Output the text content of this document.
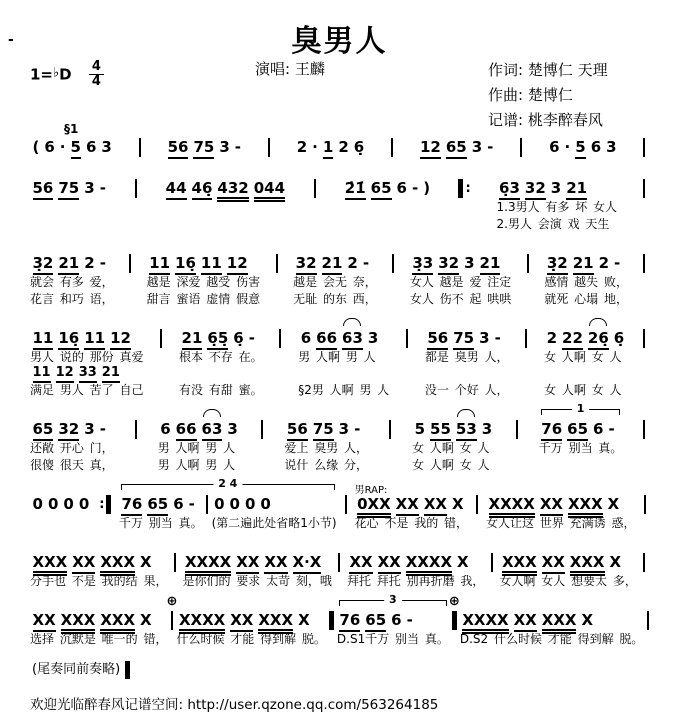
-	臭男人
1=♭D $\frac{4}{4}$	演唱: 王麟	作词: 楚博仁 天理
作曲: 楚博仁
记谱: 桃李醉春风
§1
( 6 · 5 6 3	56 75 3 -	2 · 1 2 6̣	12 65 3 -	6 · 5 6 3
56 75 3 -	44 46̣ 432 044	2̇1̇ 65 6 - )	: 6̣3 32 3 21
1.3男人 有多 坏 女人
2.男人 会演 戏 天生
3̣2 21 2 -
就会 有多 爱，
花言 和巧 语，
11 16̣ 11 12
越是 深爱 越受 伤害
甜言 蜜语 虚情 假意
32 21 2 -
越是 会无 奈，
无耻 的东 西，
3̣3 32 3 21
女人 越是 爱 注定
女人 伤不 起 哄哄
3̣2 21 2 -
感情 越失 败，
就死 心塌 地，
11 16̣ 11 12
男人 说的 那份 真爱
11 12 33 21
满足 男人 苦了 自己
21 6̣5̣ 6̣ -
根本 不存 在。
有没 有甜 蜜。
6 66 63 3
男 人啊 男 人
§2男 人啊 男 人
56 75 3 -
都是 臭男 人，
没一 个好 人，
2 22 26̣ 6̣
女 人啊 女 人
女 人啊 女 人
65 32 3 -
还敞 开心 门，
很傻 很天 真，
6 66 63 3
男 人啊 男 人
男 人啊 男 人
56 75 3 -
爱上 臭男 人，
说什 么缘 分，
5 55 53 3
女 人啊 女 人
女 人啊 女 人
1
76 65 6 -
千万 别当 真。
0 0 0 0 :
2 4
76 65 6 -
千万 别当 真。
0 0 0 0
(第二遍此处省略1小节)
男RAP:
0XX XX XX X
花心 不是 我的 错，
XXXX XX XXX X
女人让这 世界 充满诱 惑，
XXX XX XXX X
分手也 不是 我的结 果，
XXXX XX XX X·X
是你们的 要求 太苛 刻，哦
XX XX XXXX X
拜托 拜托 别再折磨 我，
XXX XX XXX X
女人啊 女人 想要太 多，
XX XXX XXX X
选择 沉默是 唯一的 错，
⊕
XXXX XX XXX X
什么时候 才能 得到解 脱。
3
76 65 6 -
D.S1千万 别当 真。
⊕
XXXX XX XXX X
D.S2 什么时候 才能 得到解 脱。
(尾奏同前奏略)
欢迎光临醉春风记谱空间: http://user.qzone.qq.com/563264185
